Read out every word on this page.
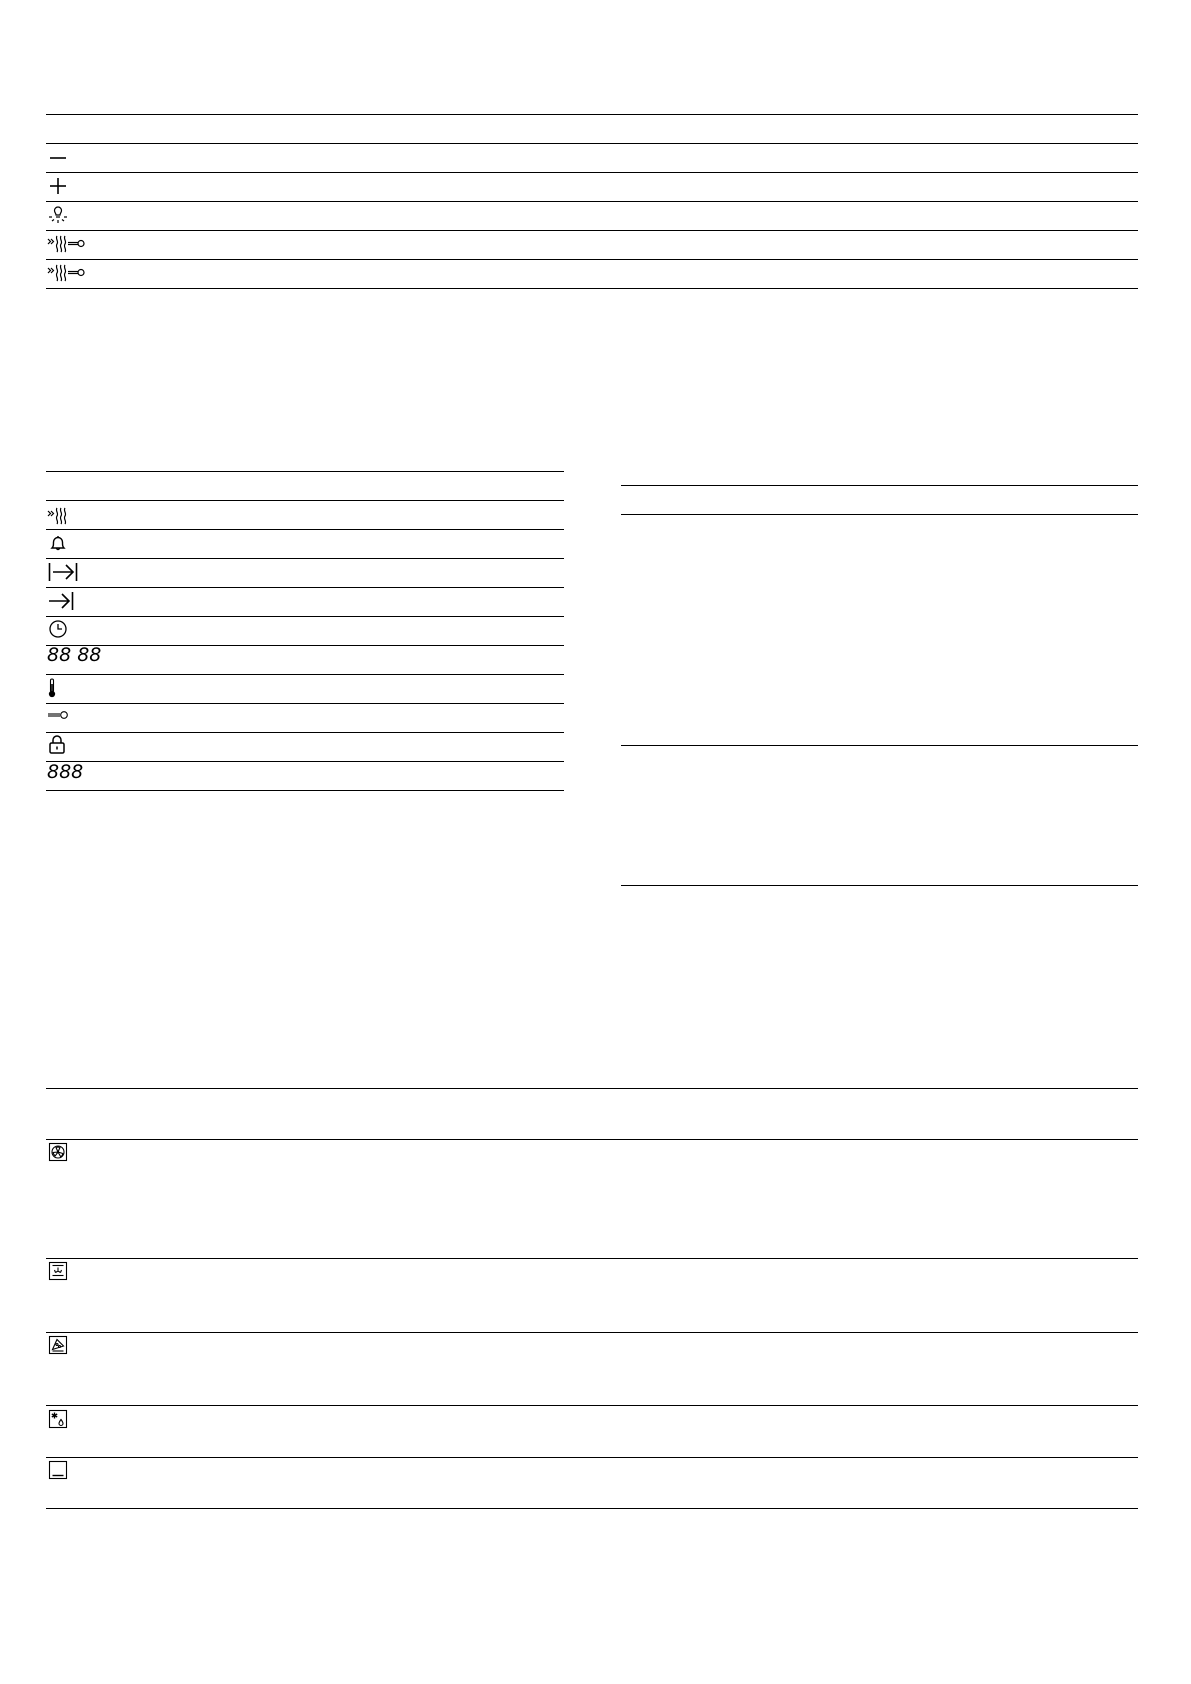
88 88
888
